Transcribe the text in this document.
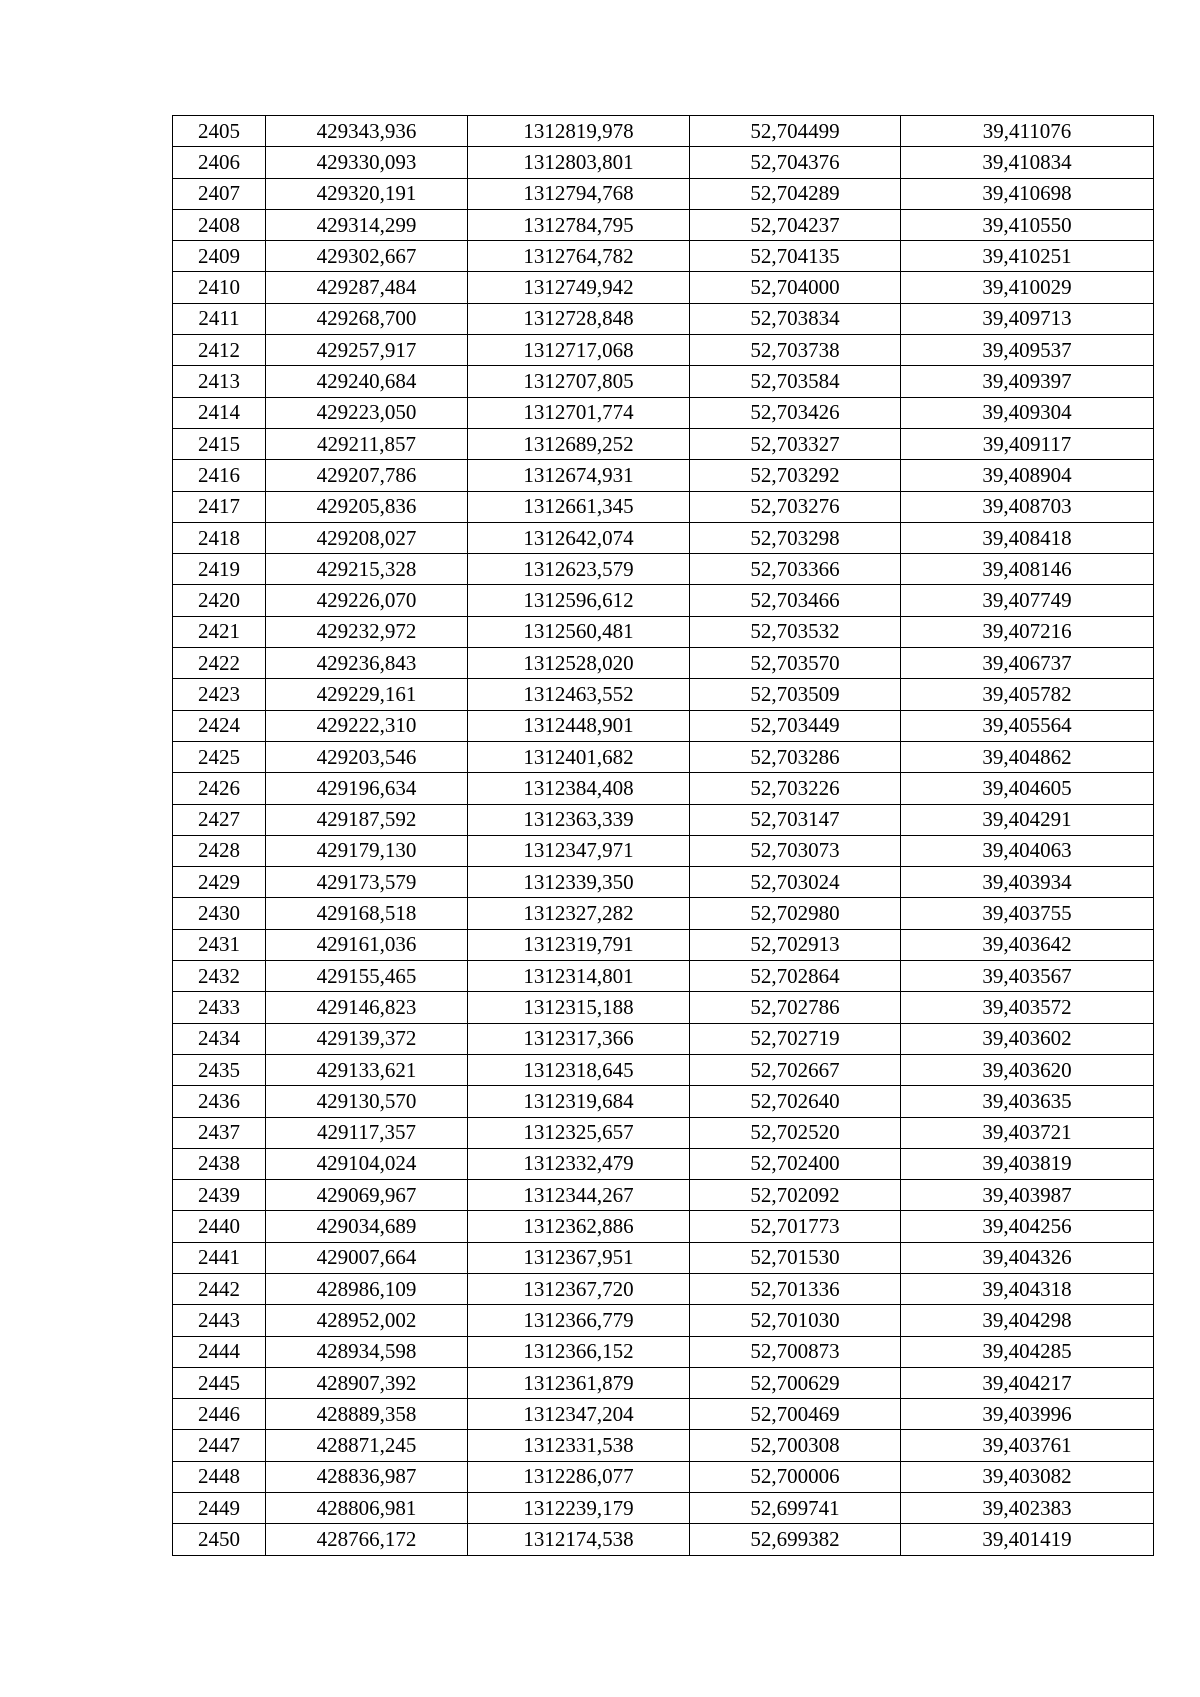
2405	429343,936	1312819,978	52,704499	39,411076
2406	429330,093	1312803,801	52,704376	39,410834
2407	429320,191	1312794,768	52,704289	39,410698
2408	429314,299	1312784,795	52,704237	39,410550
2409	429302,667	1312764,782	52,704135	39,410251
2410	429287,484	1312749,942	52,704000	39,410029
2411	429268,700	1312728,848	52,703834	39,409713
2412	429257,917	1312717,068	52,703738	39,409537
2413	429240,684	1312707,805	52,703584	39,409397
2414	429223,050	1312701,774	52,703426	39,409304
2415	429211,857	1312689,252	52,703327	39,409117
2416	429207,786	1312674,931	52,703292	39,408904
2417	429205,836	1312661,345	52,703276	39,408703
2418	429208,027	1312642,074	52,703298	39,408418
2419	429215,328	1312623,579	52,703366	39,408146
2420	429226,070	1312596,612	52,703466	39,407749
2421	429232,972	1312560,481	52,703532	39,407216
2422	429236,843	1312528,020	52,703570	39,406737
2423	429229,161	1312463,552	52,703509	39,405782
2424	429222,310	1312448,901	52,703449	39,405564
2425	429203,546	1312401,682	52,703286	39,404862
2426	429196,634	1312384,408	52,703226	39,404605
2427	429187,592	1312363,339	52,703147	39,404291
2428	429179,130	1312347,971	52,703073	39,404063
2429	429173,579	1312339,350	52,703024	39,403934
2430	429168,518	1312327,282	52,702980	39,403755
2431	429161,036	1312319,791	52,702913	39,403642
2432	429155,465	1312314,801	52,702864	39,403567
2433	429146,823	1312315,188	52,702786	39,403572
2434	429139,372	1312317,366	52,702719	39,403602
2435	429133,621	1312318,645	52,702667	39,403620
2436	429130,570	1312319,684	52,702640	39,403635
2437	429117,357	1312325,657	52,702520	39,403721
2438	429104,024	1312332,479	52,702400	39,403819
2439	429069,967	1312344,267	52,702092	39,403987
2440	429034,689	1312362,886	52,701773	39,404256
2441	429007,664	1312367,951	52,701530	39,404326
2442	428986,109	1312367,720	52,701336	39,404318
2443	428952,002	1312366,779	52,701030	39,404298
2444	428934,598	1312366,152	52,700873	39,404285
2445	428907,392	1312361,879	52,700629	39,404217
2446	428889,358	1312347,204	52,700469	39,403996
2447	428871,245	1312331,538	52,700308	39,403761
2448	428836,987	1312286,077	52,700006	39,403082
2449	428806,981	1312239,179	52,699741	39,402383
2450	428766,172	1312174,538	52,699382	39,401419
